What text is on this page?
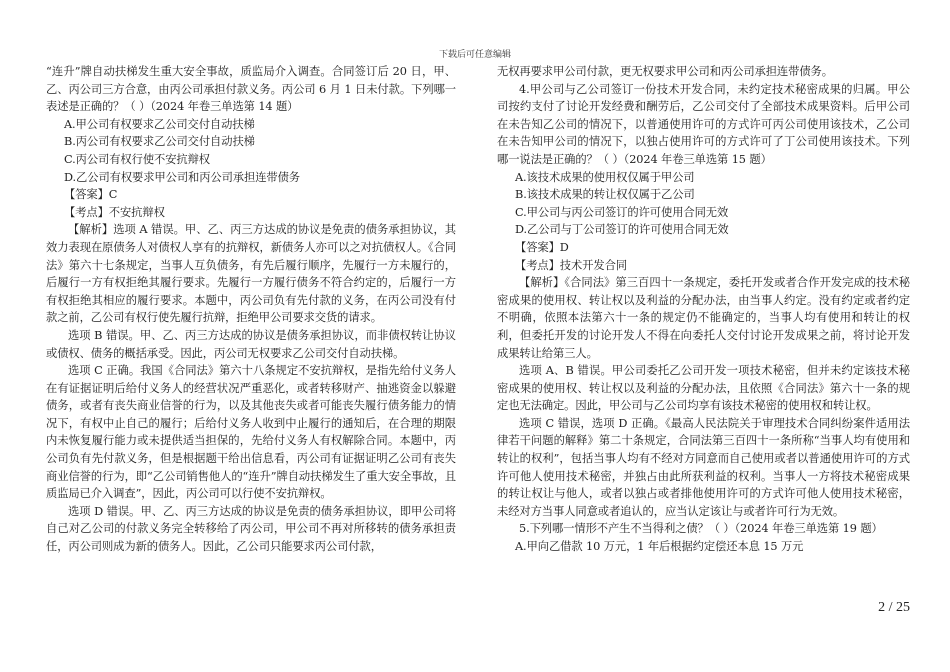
下载后可任意编辑

“连升”牌自动扶梯发生重大安全事故，质监局介入调查。合同签订后 20 日，甲、乙、丙公司三方合意，由丙公司承担付款义务。丙公司 6 月 1 日未付款。下列哪一表述是正确的？（ ）（2024 年卷三单选第 14 题）

A.甲公司有权要求乙公司交付自动扶梯

B.丙公司有权要求乙公司交付自动扶梯

C.丙公司有权行使不安抗辩权

D.乙公司有权要求甲公司和丙公司承担连带债务

【答案】C

【考点】不安抗辩权

【解析】选项 A 错误。甲、乙、丙三方达成的协议是免责的债务承担协议，其效力表现在原债务人对债权人享有的抗辩权，新债务人亦可以之对抗债权人。《合同法》第六十七条规定，当事人互负债务，有先后履行顺序，先履行一方未履行的，后履行一方有权拒绝其履行要求。先履行一方履行债务不符合约定的，后履行一方有权拒绝其相应的履行要求。本题中，丙公司负有先付款的义务，在丙公司没有付款之前，乙公司有权行使先履行抗辩，拒绝甲公司要求交货的请求。

选项 B 错误。甲、乙、丙三方达成的协议是债务承担协议，而非债权转让协议或债权、债务的概括承受。因此，丙公司无权要求乙公司交付自动扶梯。

选项 C 正确。我国《合同法》第六十八条规定不安抗辩权，是指先给付义务人在有证据证明后给付义务人的经营状况严重恶化，或者转移财产、抽逃资金以躲避债务，或者有丧失商业信誉的行为，以及其他丧失或者可能丧失履行债务能力的情况下，有权中止自己的履行；后给付义务人收到中止履行的通知后，在合理的期限内未恢复履行能力或未提供适当担保的，先给付义务人有权解除合同。本题中，丙公司负有先付款义务，但是根据题干给出信息看，丙公司有证据证明乙公司有丧失商业信誉的行为，即“乙公司销售他人的“连升”牌自动扶梯发生了重大安全事故，且质监局已介入调查”，因此，丙公司可以行使不安抗辩权。

选项 D 错误。甲、乙、丙三方达成的协议是免责的债务承担协议，即甲公司将自己对乙公司的付款义务完全转移给了丙公司，甲公司不再对所移转的债务承担责任，丙公司则成为新的债务人。因此，乙公司只能要求丙公司付款，

无权再要求甲公司付款，更无权要求甲公司和丙公司承担连带债务。

4.甲公司与乙公司签订一份技术开发合同，未约定技术秘密成果的归属。甲公司按约支付了讨论开发经费和酬劳后，乙公司交付了全部技术成果资料。后甲公司在未告知乙公司的情况下，以普通使用许可的方式许可丙公司使用该技术，乙公司在未告知甲公司的情况下，以独占使用许可的方式许可了丁公司使用该技术。下列哪一说法是正确的？（ ）（2024 年卷三单选第 15 题）

A.该技术成果的使用权仅属于甲公司

B.该技术成果的转让权仅属于乙公司

C.甲公司与丙公司签订的许可使用合同无效

D.乙公司与丁公司签订的许可使用合同无效

【答案】D

【考点】技术开发合同

【解析】《合同法》第三百四十一条规定，委托开发或者合作开发完成的技术秘密成果的使用权、转让权以及利益的分配办法，由当事人约定。没有约定或者约定不明确，依照本法第六十一条的规定仍不能确定的，当事人均有使用和转让的权利，但委托开发的讨论开发人不得在向委托人交付讨论开发成果之前，将讨论开发成果转让给第三人。

选项 A、B 错误。甲公司委托乙公司开发一项技术秘密，但并未约定该技术秘密成果的使用权、转让权以及利益的分配办法，且依照《合同法》第六十一条的规定也无法确定。因此，甲公司与乙公司均享有该技术秘密的使用权和转让权。

选项 C 错误，选项 D 正确。《最高人民法院关于审理技术合同纠纷案件适用法律若干问题的解释》第二十条规定，合同法第三百四十一条所称“当事人均有使用和转让的权利”，包括当事人均有不经对方同意而自己使用或者以普通使用许可的方式许可他人使用技术秘密，并独占由此所获利益的权利。当事人一方将技术秘密成果的转让权让与他人，或者以独占或者排他使用许可的方式许可他人使用技术秘密，未经对方当事人同意或者追认的，应当认定该让与或者许可行为无效。

5.下列哪一情形不产生不当得利之债？（ ）（2024 年卷三单选第 19 题）

A.甲向乙借款 10 万元，1 年后根据约定偿还本息 15 万元

2 / 25
